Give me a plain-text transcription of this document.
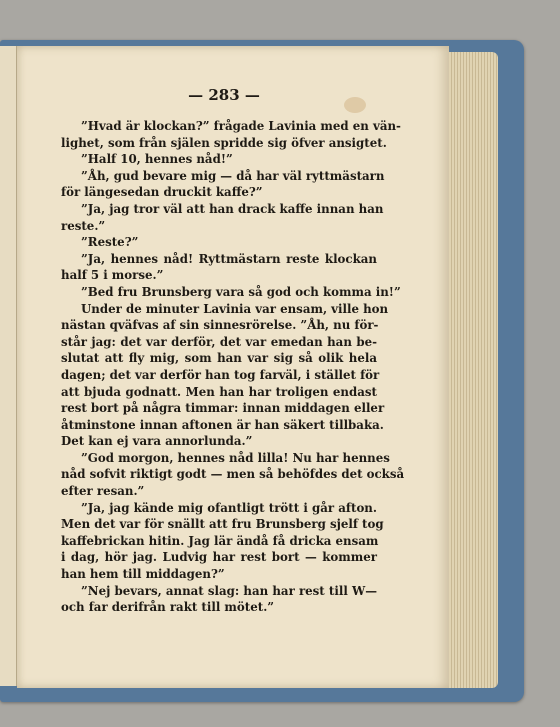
— 283 —
”Hvad är klockan?” frågade Lavinia med en vän-
lighet, som från själen spridde sig öfver ansigtet.
”Half 10, hennes nåd!”
”Åh, gud bevare mig — då har väl ryttmästarn
för längesedan druckit kaffe?”
”Ja, jag tror väl att han drack kaffe innan han
reste.”
”Reste?”
”Ja, hennes nåd! Ryttmästarn reste klockan
half 5 i morse.”
”Bed fru Brunsberg vara så god och komma in!”
Under de minuter Lavinia var ensam, ville hon
nästan qväfvas af sin sinnesrörelse. ”Åh, nu för-
står jag: det var derför, det var emedan han be-
slutat att fly mig, som han var sig så olik hela
dagen; det var derför han tog farväl, i stället för
att bjuda godnatt. Men han har troligen endast
rest bort på några timmar: innan middagen eller
åtminstone innan aftonen är han säkert tillbaka.
Det kan ej vara annorlunda.”
”God morgon, hennes nåd lilla! Nu har hennes
nåd sofvit riktigt godt — men så behöfdes det också
efter resan.”
”Ja, jag kände mig ofantligt trött i går afton.
Men det var för snällt att fru Brunsberg sjelf tog
kaffebrickan hitin. Jag lär ändå få dricka ensam
i dag, hör jag. Ludvig har rest bort — kommer
han hem till middagen?”
”Nej bevars, annat slag: han har rest till W—
och far derifrån rakt till mötet.”
